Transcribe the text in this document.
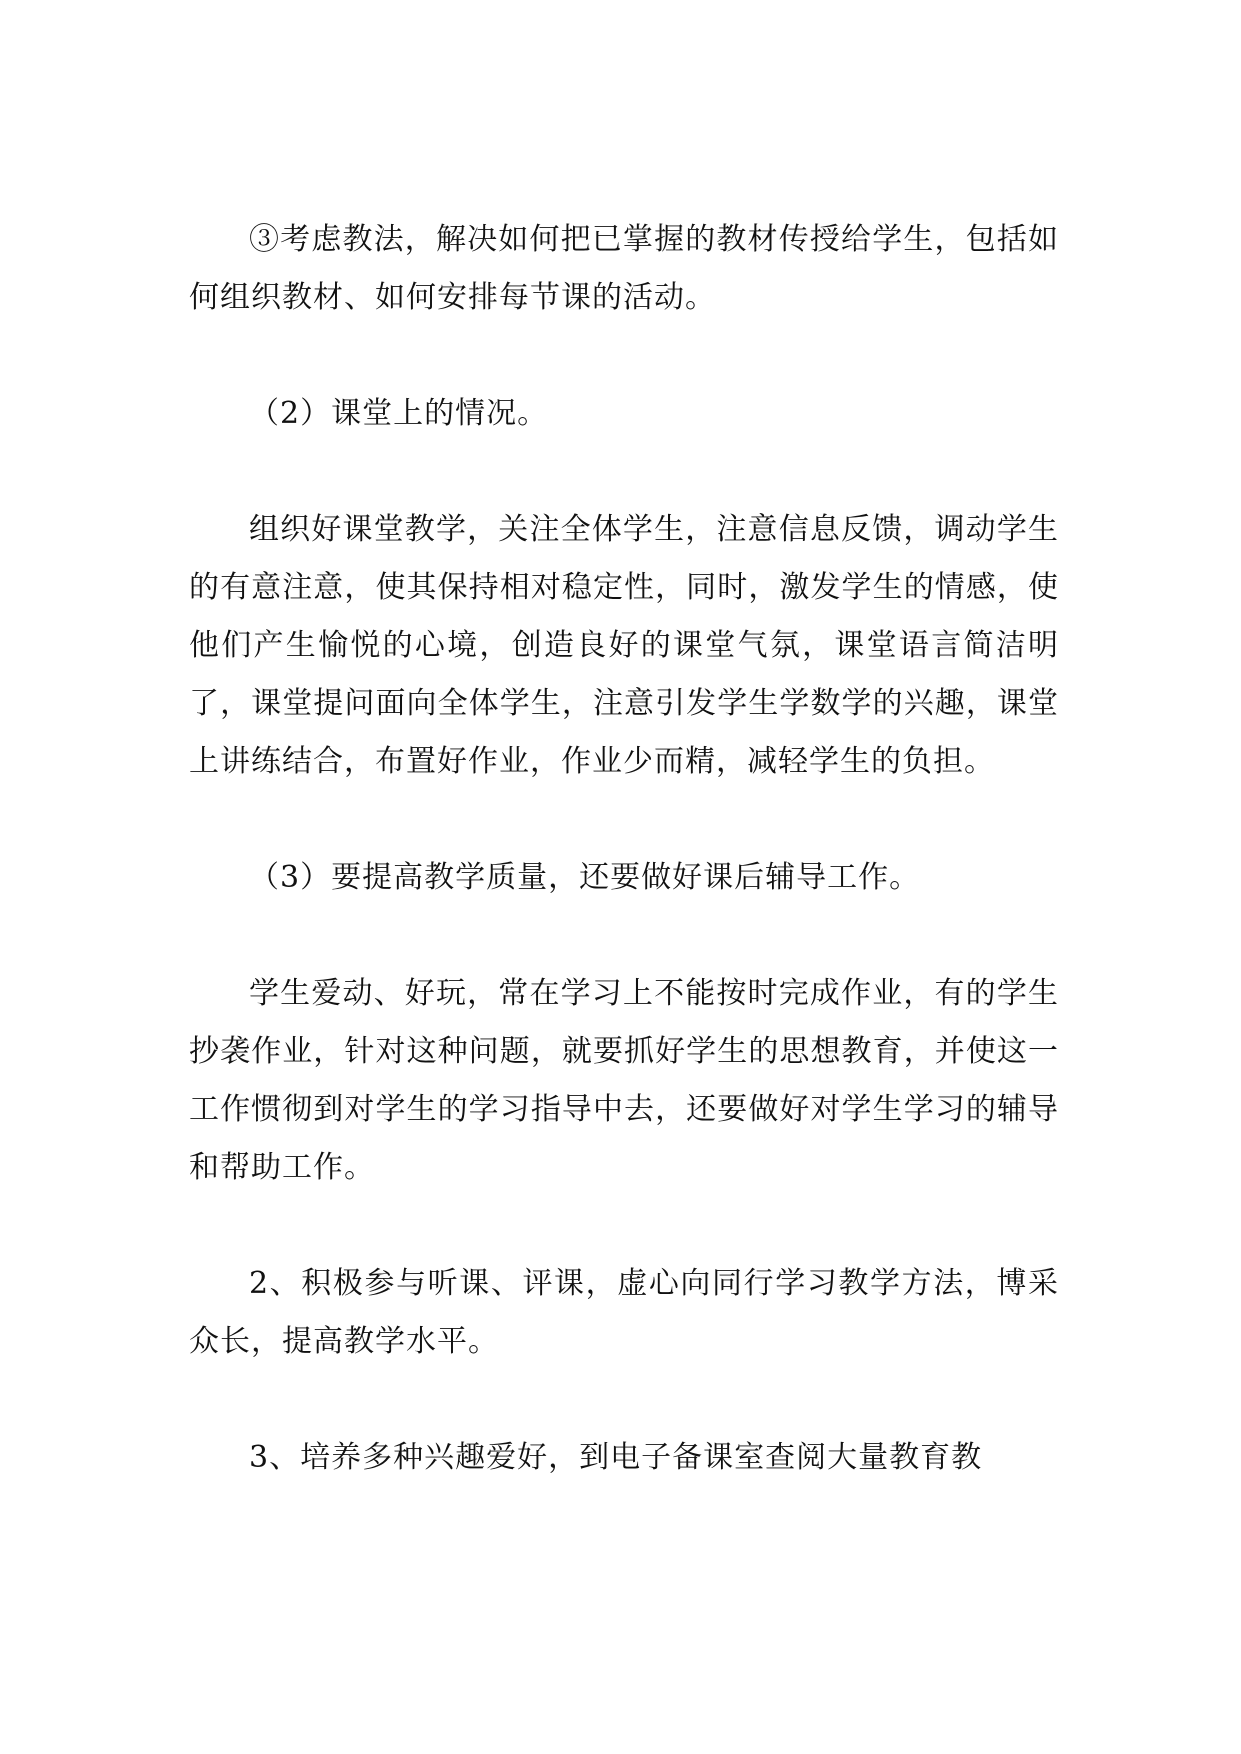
③考虑教法，解决如何把已掌握的教材传授给学生，包括如何组织教材、如何安排每节课的活动。

（2）课堂上的情况。

组织好课堂教学，关注全体学生，注意信息反馈，调动学生的有意注意，使其保持相对稳定性，同时，激发学生的情感，使他们产生愉悦的心境，创造良好的课堂气氛，课堂语言简洁明了，课堂提问面向全体学生，注意引发学生学数学的兴趣，课堂上讲练结合，布置好作业，作业少而精，减轻学生的负担。

（3）要提高教学质量，还要做好课后辅导工作。

学生爱动、好玩，常在学习上不能按时完成作业，有的学生抄袭作业，针对这种问题，就要抓好学生的思想教育，并使这一工作惯彻到对学生的学习指导中去，还要做好对学生学习的辅导和帮助工作。

2、积极参与听课、评课，虚心向同行学习教学方法，博采众长，提高教学水平。

3、培养多种兴趣爱好，到电子备课室查阅大量教育教
